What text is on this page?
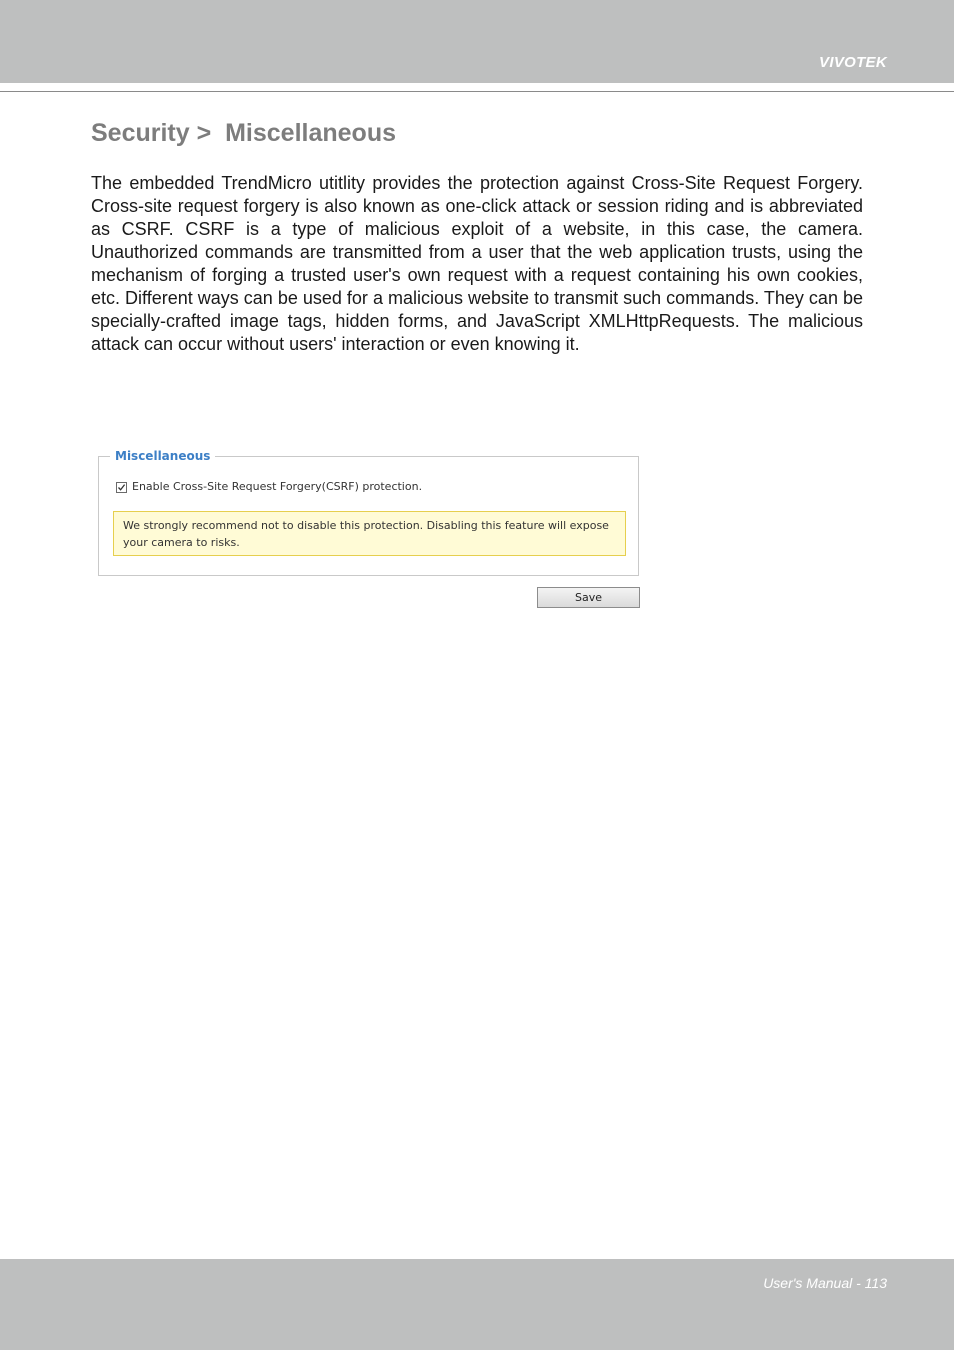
VIVOTEK
Security >  Miscellaneous

The embedded TrendMicro utitlity provides the protection against Cross-Site Request Forgery. Cross-site request forgery is also known as one-click attack or session riding and is abbreviated as CSRF. CSRF is a type of malicious exploit of a website, in this case, the camera. Unauthorized commands are transmitted from a user that the web application trusts, using the mechanism of forging a trusted user's own request with a request containing his own cookies, etc. Different ways can be used for a malicious website to transmit such commands. They can be specially-crafted image tags, hidden forms, and JavaScript XMLHttpRequests. The malicious attack can occur without users' interaction or even knowing it.

Miscellaneous
Enable Cross-Site Request Forgery(CSRF) protection.
We strongly recommend not to disable this protection. Disabling this feature will expose your camera to risks.
Save
User's Manual - 113
